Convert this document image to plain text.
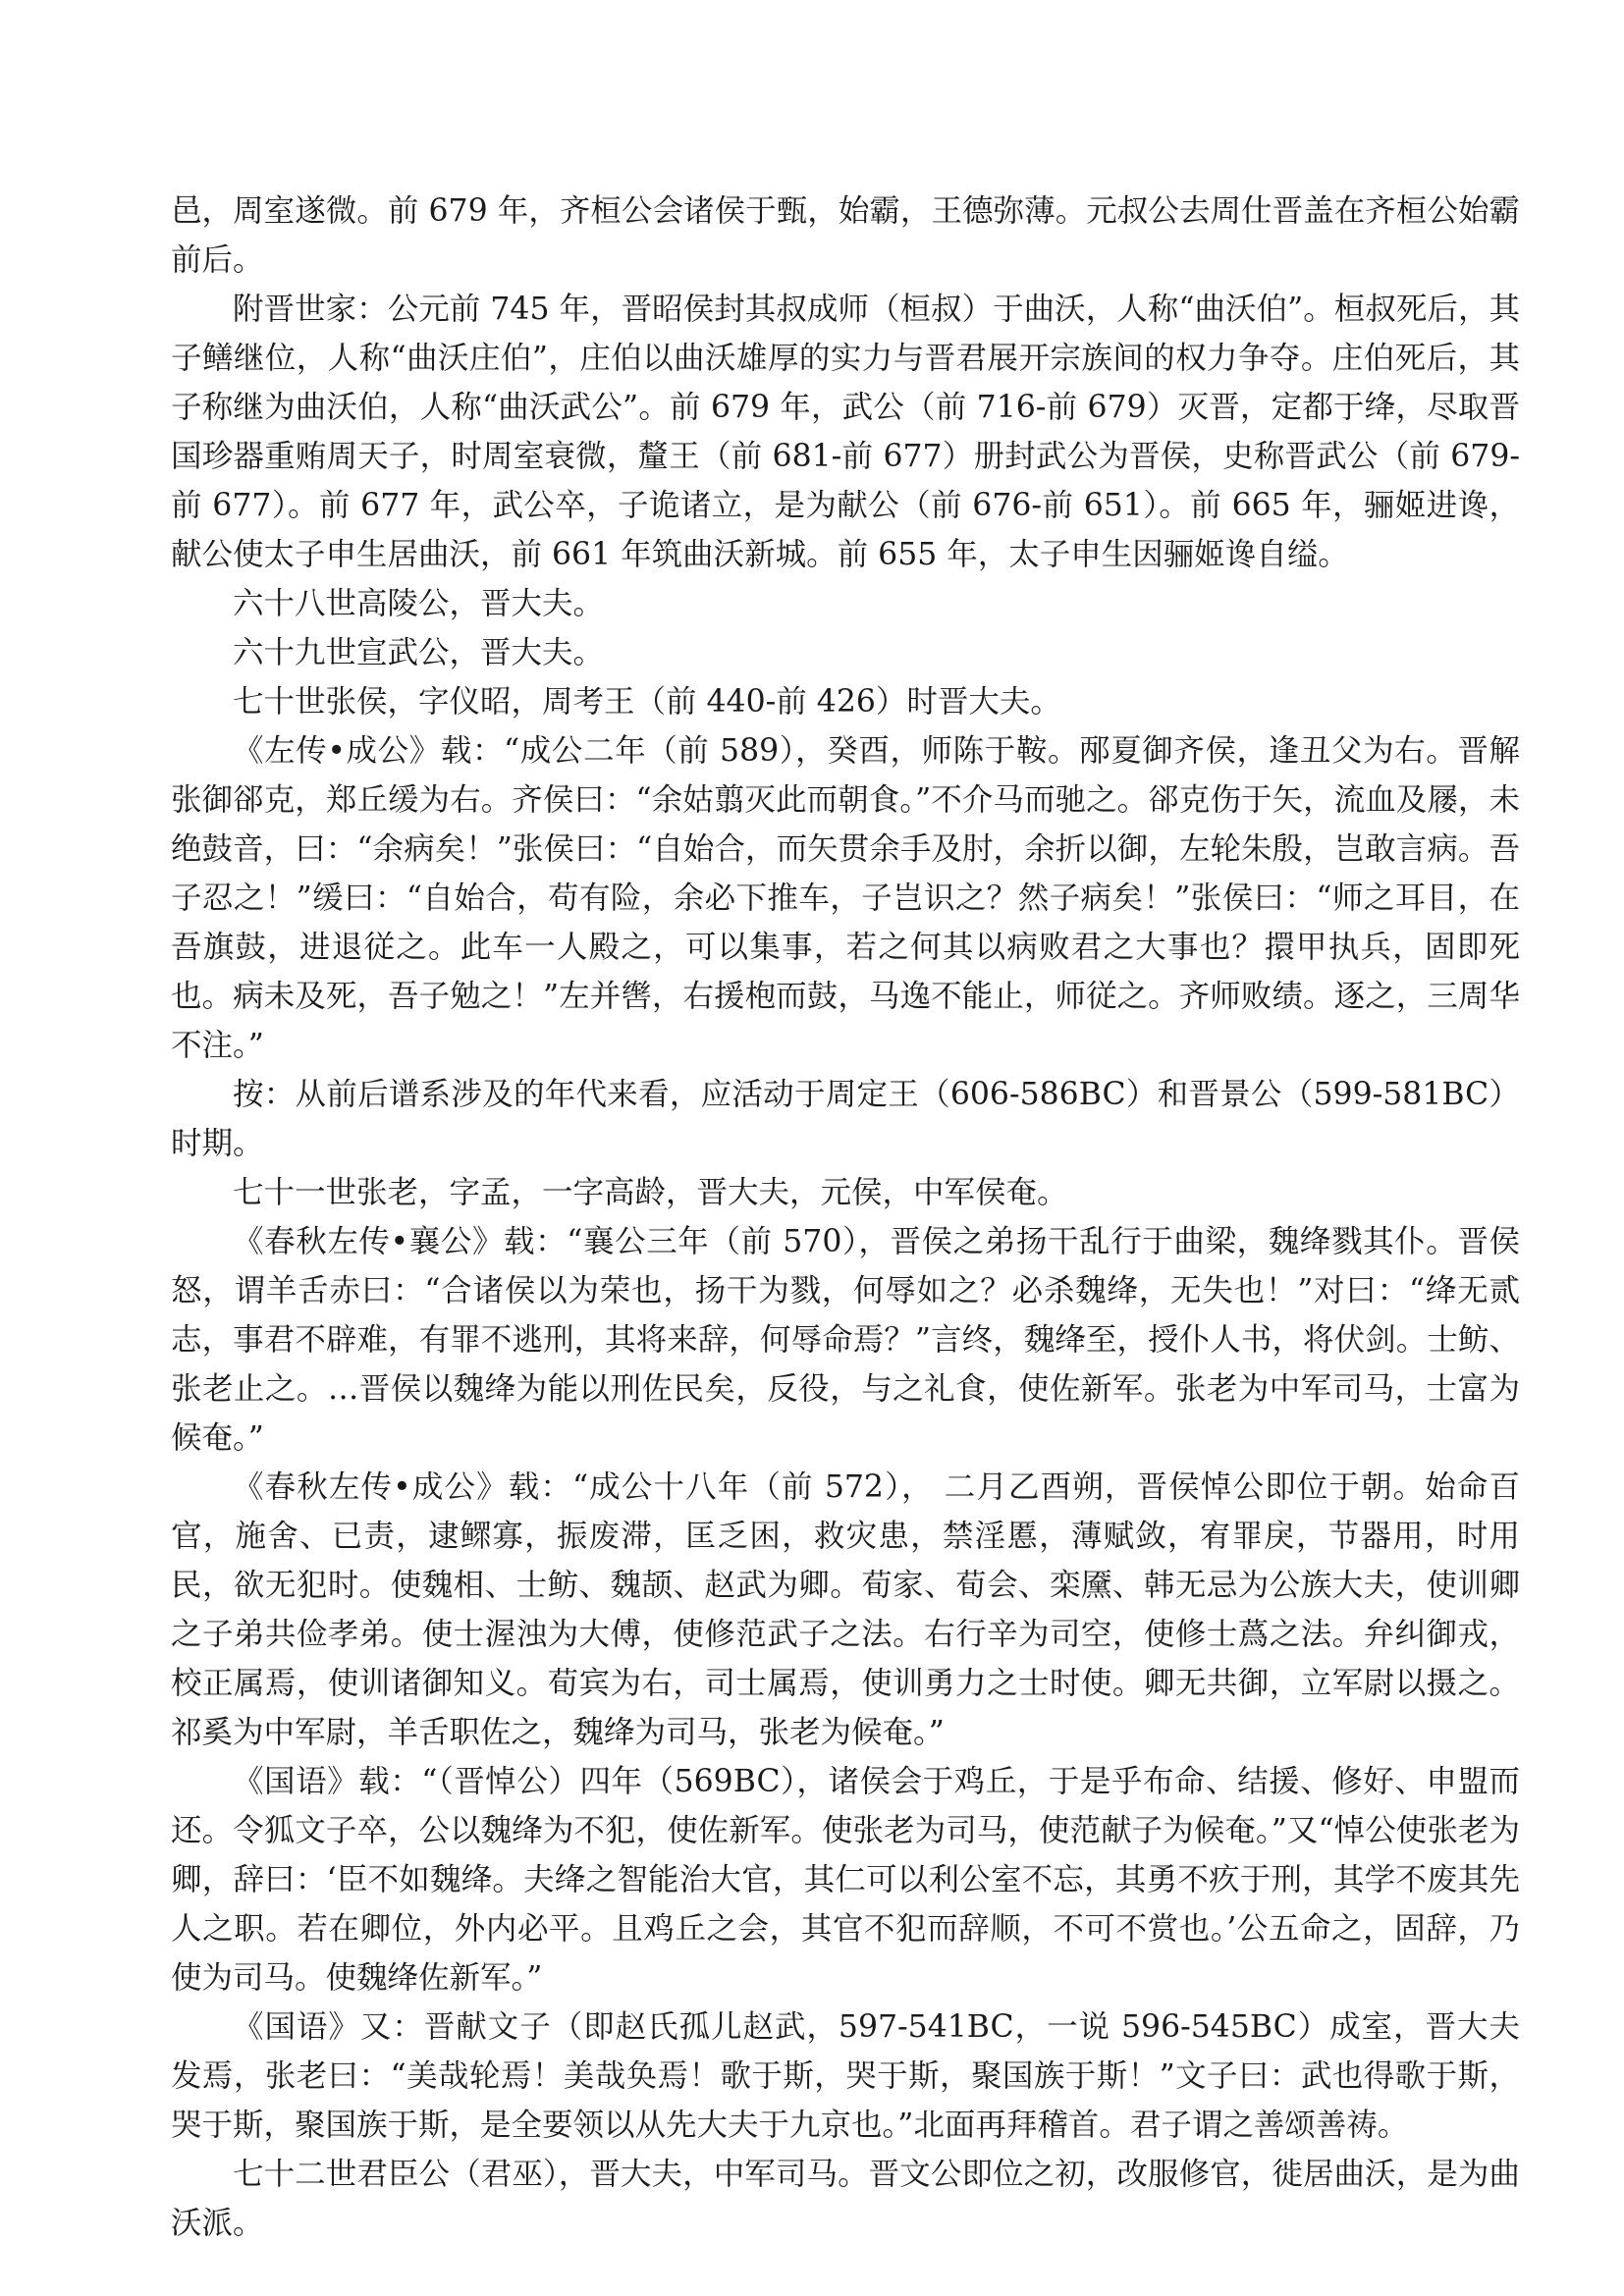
邑，周室遂微。前 679 年，齐桓公会诸侯于甄，始霸，王德弥薄。元叔公去周仕晋盖在齐桓公始霸前后。

附晋世家：公元前 745 年，晋昭侯封其叔成师（桓叔）于曲沃，人称“曲沃伯”。桓叔死后，其子鳝继位，人称“曲沃庄伯”，庄伯以曲沃雄厚的实力与晋君展开宗族间的权力争夺。庄伯死后，其子称继为曲沃伯，人称“曲沃武公”。前 679 年，武公（前 716-前 679）灭晋，定都于绛，尽取晋国珍器重贿周天子，时周室衰微，釐王（前 681-前 677）册封武公为晋侯，史称晋武公（前 679-前 677）。前 677 年，武公卒，子诡诸立，是为献公（前 676-前 651）。前 665 年，骊姬进谗，献公使太子申生居曲沃，前 661 年筑曲沃新城。前 655 年，太子申生因骊姬谗自缢。

六十八世高陵公，晋大夫。

六十九世宣武公，晋大夫。

七十世张侯，字仪昭，周考王（前 440-前 426）时晋大夫。

《左传•成公》载：“成公二年（前 589），癸酉，师陈于鞍。邴夏御齐侯，逢丑父为右。晋解张御郤克，郑丘缓为右。齐侯曰：“余姑翦灭此而朝食。”不介马而驰之。郤克伤于矢，流血及屦，未绝鼓音，曰：“余病矣！”张侯曰：“自始合，而矢贯余手及肘，余折以御，左轮朱殷，岂敢言病。吾子忍之！”缓曰：“自始合，苟有险，余必下推车，子岂识之？然子病矣！”张侯曰：“师之耳目，在吾旗鼓，进退従之。此车一人殿之，可以集事，若之何其以病败君之大事也？擐甲执兵，固即死也。病未及死，吾子勉之！”左并辔，右援枹而鼓，马逸不能止，师従之。齐师败绩。逐之，三周华不注。”

按：从前后谱系涉及的年代来看，应活动于周定王（606-586BC）和晋景公（599-581BC）时期。

七十一世张老，字孟，一字高龄，晋大夫，元侯，中军侯奄。

《春秋左传•襄公》载：“襄公三年（前 570），晋侯之弟扬干乱行于曲梁，魏绛戮其仆。晋侯怒，谓羊舌赤曰：“合诸侯以为荣也，扬干为戮，何辱如之？必杀魏绛，无失也！”对曰：“绛无贰志，事君不辟难，有罪不逃刑，其将来辞，何辱命焉？”言终，魏绛至，授仆人书，将伏剑。士鲂、张老止之。…晋侯以魏绛为能以刑佐民矣，反役，与之礼食，使佐新军。张老为中军司马，士富为候奄。”

《春秋左传•成公》载：“成公十八年（前 572）， 二月乙酉朔，晋侯悼公即位于朝。始命百官，施舍、已责，逮鳏寡，振废滞，匡乏困，救灾患，禁淫慝，薄赋敛，宥罪戾，节器用，时用民，欲无犯时。使魏相、士鲂、魏颉、赵武为卿。荀家、荀会、栾黡、韩无忌为公族大夫，使训卿之子弟共俭孝弟。使士渥浊为大傅，使修范武子之法。右行辛为司空，使修士蔿之法。弁纠御戎，校正属焉，使训诸御知义。荀宾为右，司士属焉，使训勇力之士时使。卿无共御，立军尉以摄之。祁奚为中军尉，羊舌职佐之，魏绛为司马，张老为候奄。”

《国语》载：“（晋悼公）四年（569BC），诸侯会于鸡丘，于是乎布命、结援、修好、申盟而还。令狐文子卒，公以魏绛为不犯，使佐新军。使张老为司马，使范献子为候奄。”又“悼公使张老为卿，辞曰：‘臣不如魏绛。夫绛之智能治大官，其仁可以利公室不忘，其勇不疚于刑，其学不废其先人之职。若在卿位，外内必平。且鸡丘之会，其官不犯而辞顺，不可不赏也。’公五命之，固辞，乃使为司马。使魏绛佐新军。”

《国语》又：晋献文子（即赵氏孤儿赵武，597-541BC，一说 596-545BC）成室，晋大夫发焉，张老曰：“美哉轮焉！美哉奂焉！歌于斯，哭于斯，聚国族于斯！”文子曰：武也得歌于斯，哭于斯，聚国族于斯，是全要领以从先大夫于九京也。”北面再拜稽首。君子谓之善颂善祷。

七十二世君臣公（君巫），晋大夫，中军司马。晋文公即位之初，改服修官，徙居曲沃，是为曲沃派。
